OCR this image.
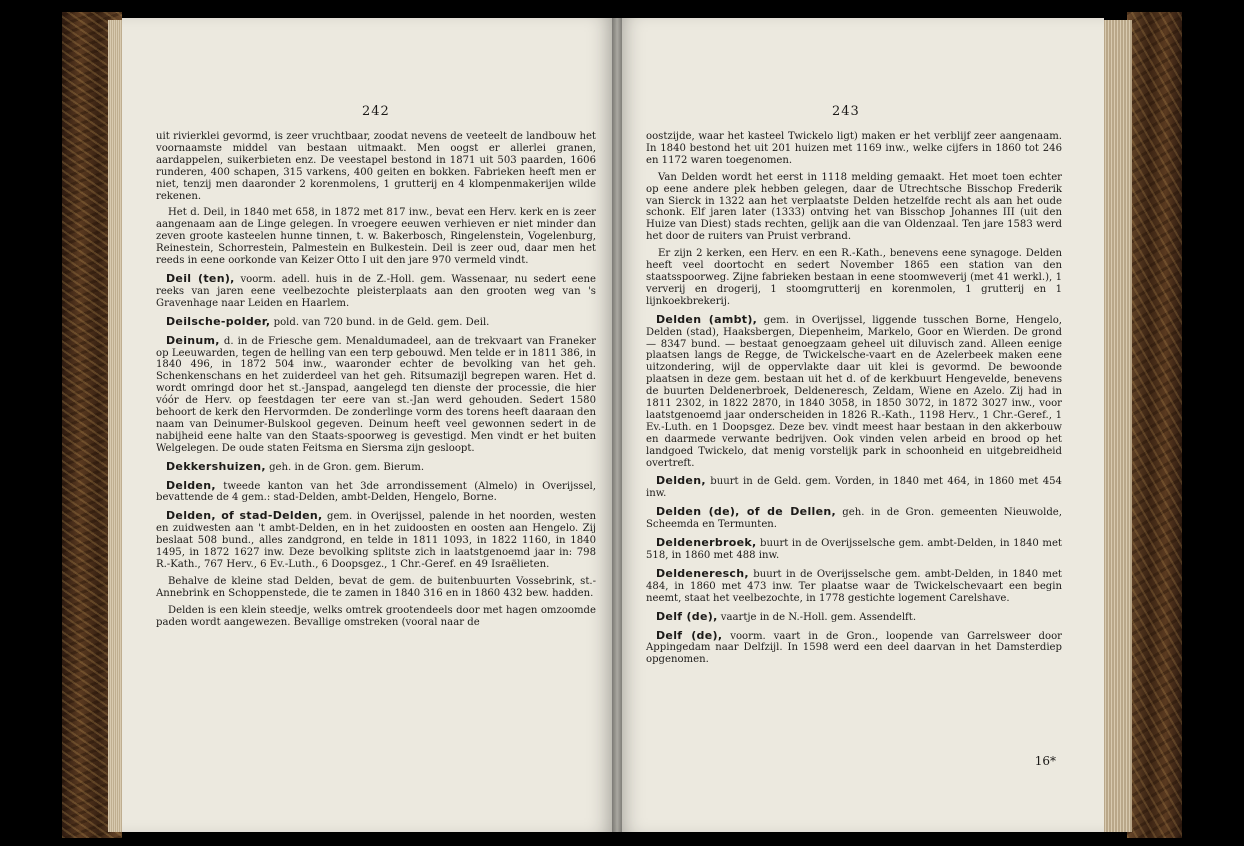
242

uit rivierklei gevormd, is zeer vruchtbaar, zoodat nevens de veeteelt de landbouw het voornaamste middel van bestaan uitmaakt. Men oogst er allerlei granen, aardappelen, suikerbieten enz. De veestapel bestond in 1871 uit 503 paarden, 1606 runderen, 400 schapen, 315 varkens, 400 geiten en bokken. Fabrieken heeft men er niet, tenzij men daaronder 2 korenmolens, 1 grutterij en 4 klompenmakerijen wilde rekenen.

Het d. Deil, in 1840 met 658, in 1872 met 817 inw., bevat een Herv. kerk en is zeer aangenaam aan de Linge gelegen. In vroegere eeuwen verhieven er niet minder dan zeven groote kasteelen hunne tinnen, t. w. Bakerbosch, Ringelenstein, Vogelenburg, Reinestein, Schorrestein, Palmestein en Bulkestein. Deil is zeer oud, daar men het reeds in eene oorkonde van Keizer Otto I uit den jare 970 vermeld vindt.

Deil (ten), voorm. adell. huis in de Z.-Holl. gem. Wassenaar, nu sedert eene reeks van jaren eene veelbezochte pleisterplaats aan den grooten weg van 's Gravenhage naar Leiden en Haarlem.

Deilsche-polder, pold. van 720 bund. in de Geld. gem. Deil.

Deinum, d. in de Friesche gem. Menaldumadeel, aan de trekvaart van Franeker op Leeuwarden, tegen de helling van een terp gebouwd. Men telde er in 1811 386, in 1840 496, in 1872 504 inw., waaronder echter de bevolking van het geh. Schenkenschans en het zuiderdeel van het geh. Ritsumazijl begrepen waren. Het d. wordt omringd door het st.-Janspad, aangelegd ten dienste der processie, die hier vóór de Herv. op feestdagen ter eere van st.-Jan werd gehouden. Sedert 1580 behoort de kerk den Hervormden. De zonderlinge vorm des torens heeft daaraan den naam van Deinumer-Bulskool gegeven. Deinum heeft veel gewonnen sedert in de nabijheid eene halte van den Staats-spoorweg is gevestigd. Men vindt er het buiten Welgelegen. De oude staten Feitsma en Siersma zijn gesloopt.

Dekkershuizen, geh. in de Gron. gem. Bierum.

Delden, tweede kanton van het 3de arrondissement (Almelo) in Overijssel, bevattende de 4 gem.: stad-Delden, ambt-Delden, Hengelo, Borne.

Delden, of stad-Delden, gem. in Overijssel, palende in het noorden, westen en zuidwesten aan 't ambt-Delden, en in het zuidoosten en oosten aan Hengelo. Zij beslaat 508 bund., alles zandgrond, en telde in 1811 1093, in 1822 1160, in 1840 1495, in 1872 1627 inw. Deze bevolking splitste zich in laatstgenoemd jaar in: 798 R.-Kath., 767 Herv., 6 Ev.-Luth., 6 Doopsgez., 1 Chr.-Geref. en 49 Israëlieten.

Behalve de kleine stad Delden, bevat de gem. de buitenbuurten Vossebrink, st.-Annebrink en Schoppenstede, die te zamen in 1840 316 en in 1860 432 bew. hadden.

Delden is een klein steedje, welks omtrek grootendeels door met hagen omzoomde paden wordt aangewezen. Bevallige omstreken (vooral naar de

243

oostzijde, waar het kasteel Twickelo ligt) maken er het verblijf zeer aangenaam. In 1840 bestond het uit 201 huizen met 1169 inw., welke cijfers in 1860 tot 246 en 1172 waren toegenomen.

Van Delden wordt het eerst in 1118 melding gemaakt. Het moet toen echter op eene andere plek hebben gelegen, daar de Utrechtsche Bisschop Frederik van Sierck in 1322 aan het verplaatste Delden hetzelfde recht als aan het oude schonk. Elf jaren later (1333) ontving het van Bisschop Johannes III (uit den Huize van Diest) stads rechten, gelijk aan die van Oldenzaal. Ten jare 1583 werd het door de ruiters van Pruist verbrand.

Er zijn 2 kerken, een Herv. en een R.-Kath., benevens eene synagoge. Delden heeft veel doortocht en sedert November 1865 een station van den staatsspoorweg. Zijne fabrieken bestaan in eene stoomweverij (met 41 werkl.), 1 ververij en drogerij, 1 stoomgrutterij en korenmolen, 1 grutterij en 1 lijnkoekbrekerij.

Delden (ambt), gem. in Overijssel, liggende tusschen Borne, Hengelo, Delden (stad), Haaksbergen, Diepenheim, Markelo, Goor en Wierden. De grond — 8347 bund. — bestaat genoegzaam geheel uit diluvisch zand. Alleen eenige plaatsen langs de Regge, de Twickelsche-vaart en de Azelerbeek maken eene uitzondering, wijl de oppervlakte daar uit klei is gevormd. De bewoonde plaatsen in deze gem. bestaan uit het d. of de kerkbuurt Hengevelde, benevens de buurten Deldenerbroek, Deldeneresch, Zeldam, Wiene en Azelo. Zij had in 1811 2302, in 1822 2870, in 1840 3058, in 1850 3072, in 1872 3027 inw., voor laatstgenoemd jaar onderscheiden in 1826 R.-Kath., 1198 Herv., 1 Chr.-Geref., 1 Ev.-Luth. en 1 Doopsgez. Deze bev. vindt meest haar bestaan in den akkerbouw en daarmede verwante bedrijven. Ook vinden velen arbeid en brood op het landgoed Twickelo, dat menig vorstelijk park in schoonheid en uitgebreidheid overtreft.

Delden, buurt in de Geld. gem. Vorden, in 1840 met 464, in 1860 met 454 inw.

Delden (de), of de Dellen, geh. in de Gron. gemeenten Nieuwolde, Scheemda en Termunten.

Deldenerbroek, buurt in de Overijsselsche gem. ambt-Delden, in 1840 met 518, in 1860 met 488 inw.

Deldeneresch, buurt in de Overijsselsche gem. ambt-Delden, in 1840 met 484, in 1860 met 473 inw. Ter plaatse waar de Twickelschevaart een begin neemt, staat het veelbezochte, in 1778 gestichte logement Carelshave.

Delf (de), vaartje in de N.-Holl. gem. Assendelft.

Delf (de), voorm. vaart in de Gron., loopende van Garrelsweer door Appingedam naar Delfzijl. In 1598 werd een deel daarvan in het Damsterdiep opgenomen.

16*
